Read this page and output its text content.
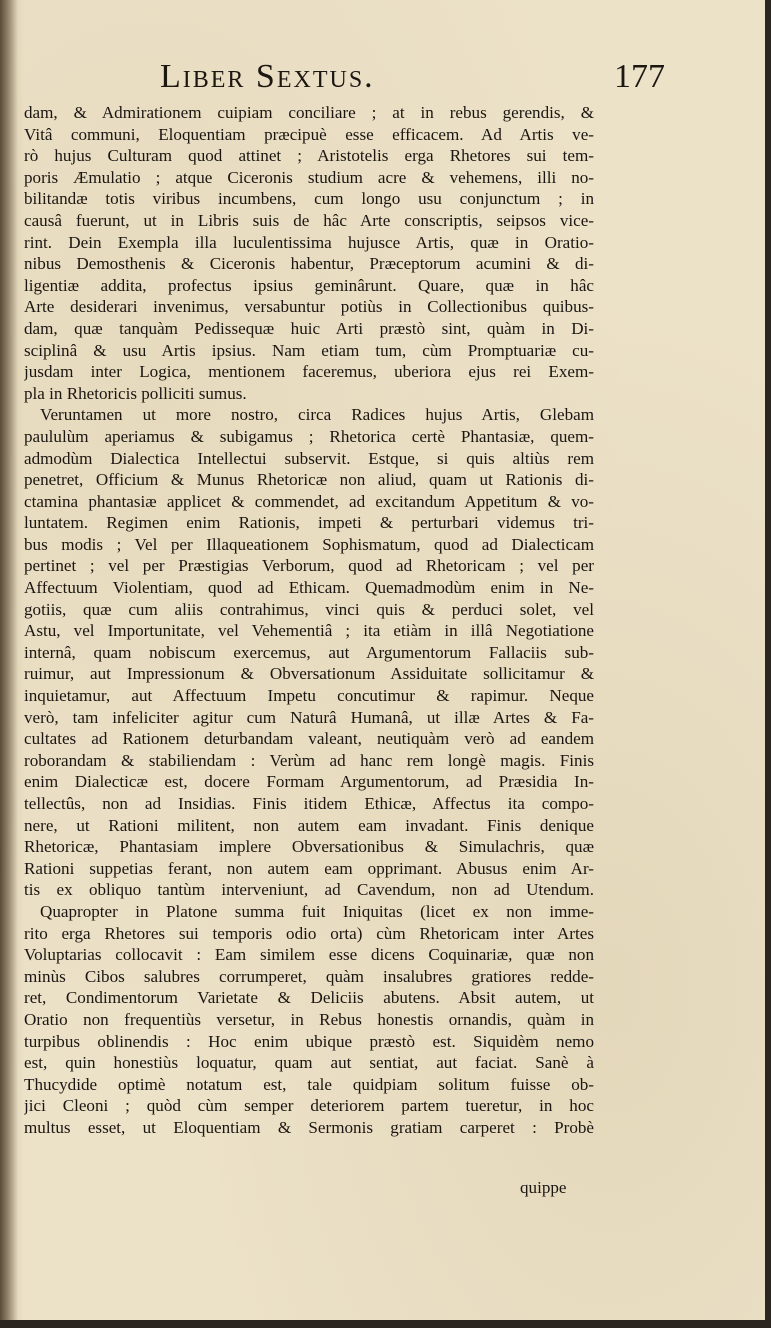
Liber Sextus.	177
dam, & Admirationem cuipiam conciliare ; at in rebus gerendis, &
Vitâ communi, Eloquentiam præcipuè esse efficacem. Ad Artis ve-
rò hujus Culturam quod attinet ; Aristotelis erga Rhetores sui tem-
poris Æmulatio ; atque Ciceronis studium acre & vehemens, illi no-
bilitandæ totis viribus incumbens, cum longo usu conjunctum ; in
causâ fuerunt, ut in Libris suis de hâc Arte conscriptis, seipsos vice-
rint. Dein Exempla illa luculentissima hujusce Artis, quæ in Oratio-
nibus Demosthenis & Ciceronis habentur, Præceptorum acumini & di-
ligentiæ addita, profectus ipsius geminârunt. Quare, quæ in hâc
Arte desiderari invenimus, versabuntur potiùs in Collectionibus quibus-
dam, quæ tanquàm Pedissequæ huic Arti præstò sint, quàm in Di-
sciplinâ & usu Artis ipsius. Nam etiam tum, cùm Promptuariæ cu-
jusdam inter Logica, mentionem faceremus, uberiora ejus rei Exem-
pla in Rhetoricis polliciti sumus.
Veruntamen ut more nostro, circa Radices hujus Artis, Glebam
paululùm aperiamus & subigamus ; Rhetorica certè Phantasiæ, quem-
admodùm Dialectica Intellectui subservit. Estque, si quis altiùs rem
penetret, Officium & Munus Rhetoricæ non aliud, quam ut Rationis di-
ctamina phantasiæ applicet & commendet, ad excitandum Appetitum & vo-
luntatem. Regimen enim Rationis, impeti & perturbari videmus tri-
bus modis ; Vel per Illaqueationem Sophismatum, quod ad Dialecticam
pertinet ; vel per Præstigias Verborum, quod ad Rhetoricam ; vel per
Affectuum Violentiam, quod ad Ethicam. Quemadmodùm enim in Ne-
gotiis, quæ cum aliis contrahimus, vinci quis & perduci solet, vel
Astu, vel Importunitate, vel Vehementiâ ; ita etiàm in illâ Negotiatione
internâ, quam nobiscum exercemus, aut Argumentorum Fallaciis sub-
ruimur, aut Impressionum & Obversationum Assiduitate sollicitamur &
inquietamur, aut Affectuum Impetu concutimur & rapimur. Neque
verò, tam infeliciter agitur cum Naturâ Humanâ, ut illæ Artes & Fa-
cultates ad Rationem deturbandam valeant, neutiquàm verò ad eandem
roborandam & stabiliendam : Verùm ad hanc rem longè magis. Finis
enim Dialecticæ est, docere Formam Argumentorum, ad Præsidia In-
tellectûs, non ad Insidias. Finis itidem Ethicæ, Affectus ita compo-
nere, ut Rationi militent, non autem eam invadant. Finis denique
Rhetoricæ, Phantasiam implere Obversationibus & Simulachris, quæ
Rationi suppetias ferant, non autem eam opprimant. Abusus enim Ar-
tis ex obliquo tantùm interveniunt, ad Cavendum, non ad Utendum.
Quapropter in Platone summa fuit Iniquitas (licet ex non imme-
rito erga Rhetores sui temporis odio orta) cùm Rhetoricam inter Artes
Voluptarias collocavit : Eam similem esse dicens Coquinariæ, quæ non
minùs Cibos salubres corrumperet, quàm insalubres gratiores redde-
ret, Condimentorum Varietate & Deliciis abutens. Absit autem, ut
Oratio non frequentiùs versetur, in Rebus honestis ornandis, quàm in
turpibus oblinendis : Hoc enim ubique præstò est. Siquidèm nemo
est, quin honestiùs loquatur, quam aut sentiat, aut faciat. Sanè à
Thucydide optimè notatum est, tale quidpiam solitum fuisse ob-
jici Cleoni ; quòd cùm semper deteriorem partem tueretur, in hoc
multus esset, ut Eloquentiam & Sermonis gratiam carperet : Probè
quippe
